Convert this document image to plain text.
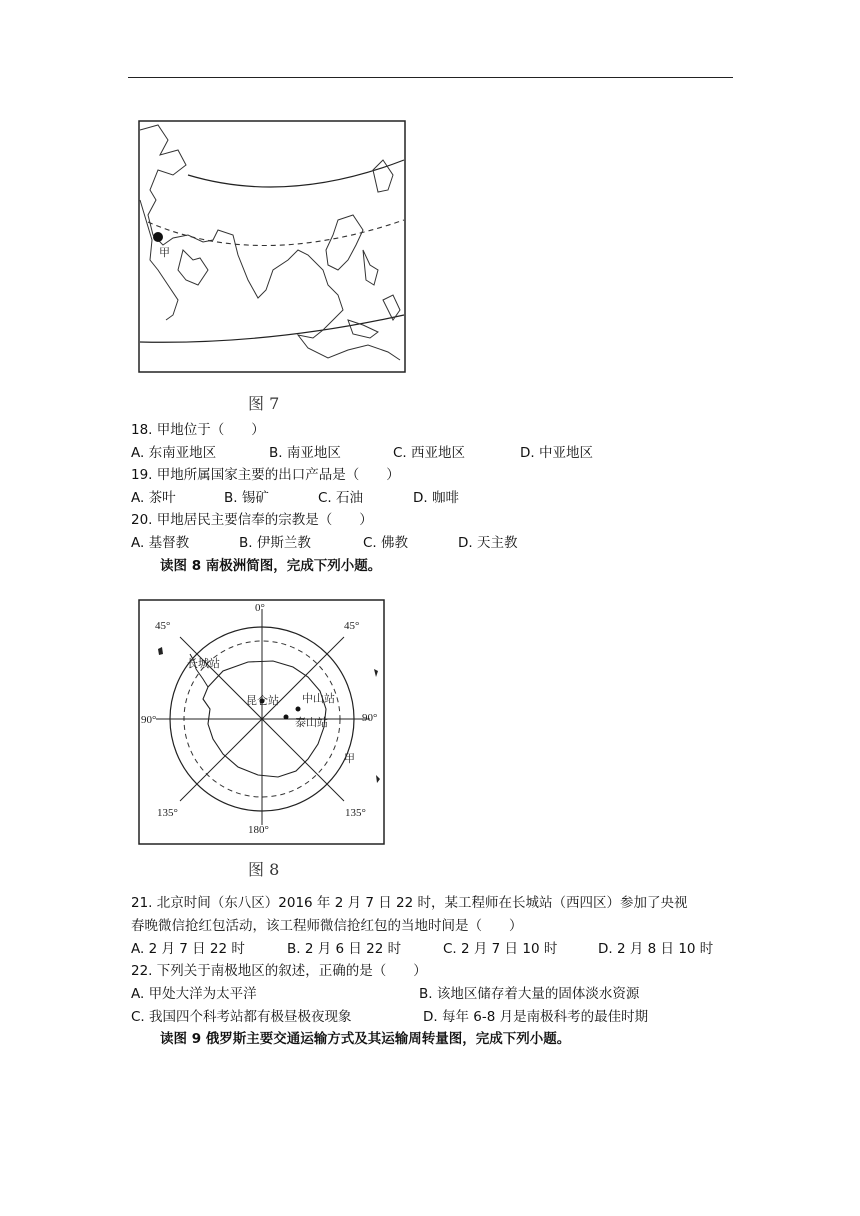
甲
图 7
18. 甲地位于（　　）
A. 东南亚地区	B. 南亚地区	C. 西亚地区	D. 中亚地区
19. 甲地所属国家主要的出口产品是（　　）
A. 茶叶	B. 锡矿	C. 石油	D. 咖啡
20. 甲地居民主要信奉的宗教是（　　）
A. 基督教	B. 伊斯兰教	C. 佛教	D. 天主教
读图 8 南极洲简图，完成下列小题。
0°
45°	45°
90°	90°
135°	135°
180°
长城站
昆仑站 中山站
泰山站
甲
图 8
21. 北京时间（东八区）2016 年 2 月 7 日 22 时，某工程师在长城站（西四区）参加了央视
春晚微信抢红包活动，该工程师微信抢红包的当地时间是（　　）
A. 2 月 7 日 22 时	B. 2 月 6 日 22 时	C. 2 月 7 日 10 时	D. 2 月 8 日 10 时
22. 下列关于南极地区的叙述，正确的是（　　）
A. 甲处大洋为太平洋	B. 该地区储存着大量的固体淡水资源
C. 我国四个科考站都有极昼极夜现象	D. 每年 6-8 月是南极科考的最佳时期
读图 9 俄罗斯主要交通运输方式及其运输周转量图，完成下列小题。
